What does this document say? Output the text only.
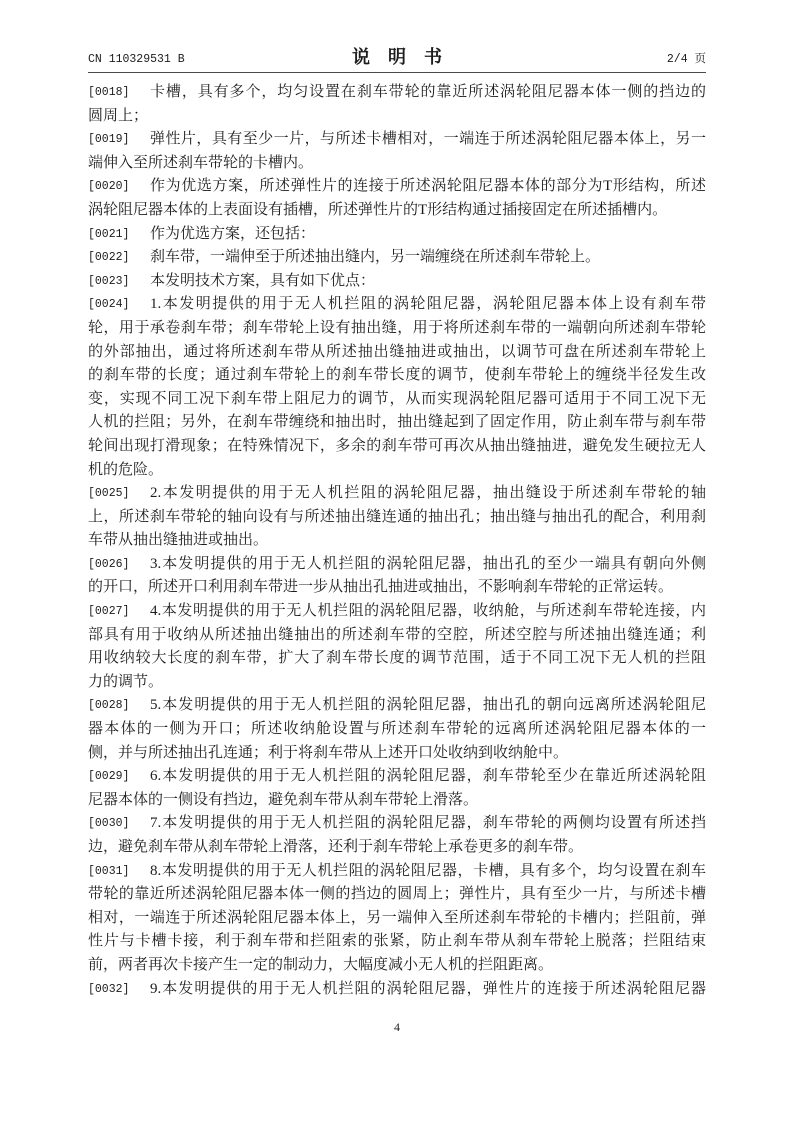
CN 110329531 B	说明书	2/4 页
[0018] 卡槽，具有多个，均匀设置在刹车带轮的靠近所述涡轮阻尼器本体一侧的挡边的
圆周上；
[0019] 弹性片，具有至少一片，与所述卡槽相对，一端连于所述涡轮阻尼器本体上，另一
端伸入至所述刹车带轮的卡槽内。
[0020] 作为优选方案，所述弹性片的连接于所述涡轮阻尼器本体的部分为T形结构，所述
涡轮阻尼器本体的上表面设有插槽，所述弹性片的T形结构通过插接固定在所述插槽内。
[0021] 作为优选方案，还包括：
[0022] 刹车带，一端伸至于所述抽出缝内，另一端缠绕在所述刹车带轮上。
[0023] 本发明技术方案，具有如下优点：
[0024] 1.本发明提供的用于无人机拦阻的涡轮阻尼器，涡轮阻尼器本体上设有刹车带
轮，用于承卷刹车带；刹车带轮上设有抽出缝，用于将所述刹车带的一端朝向所述刹车带轮
的外部抽出，通过将所述刹车带从所述抽出缝抽进或抽出，以调节可盘在所述刹车带轮上
的刹车带的长度；通过刹车带轮上的刹车带长度的调节，使刹车带轮上的缠绕半径发生改
变，实现不同工况下刹车带上阻尼力的调节，从而实现涡轮阻尼器可适用于不同工况下无
人机的拦阻；另外，在刹车带缠绕和抽出时，抽出缝起到了固定作用，防止刹车带与刹车带
轮间出现打滑现象；在特殊情况下，多余的刹车带可再次从抽出缝抽进，避免发生硬拉无人
机的危险。
[0025] 2.本发明提供的用于无人机拦阻的涡轮阻尼器，抽出缝设于所述刹车带轮的轴
上，所述刹车带轮的轴向设有与所述抽出缝连通的抽出孔；抽出缝与抽出孔的配合，利用刹
车带从抽出缝抽进或抽出。
[0026] 3.本发明提供的用于无人机拦阻的涡轮阻尼器，抽出孔的至少一端具有朝向外侧
的开口，所述开口利用刹车带进一步从抽出孔抽进或抽出，不影响刹车带轮的正常运转。
[0027] 4.本发明提供的用于无人机拦阻的涡轮阻尼器，收纳舱，与所述刹车带轮连接，内
部具有用于收纳从所述抽出缝抽出的所述刹车带的空腔，所述空腔与所述抽出缝连通；利
用收纳较大长度的刹车带，扩大了刹车带长度的调节范围，适于不同工况下无人机的拦阻
力的调节。
[0028] 5.本发明提供的用于无人机拦阻的涡轮阻尼器，抽出孔的朝向远离所述涡轮阻尼
器本体的一侧为开口；所述收纳舱设置与所述刹车带轮的远离所述涡轮阻尼器本体的一
侧，并与所述抽出孔连通；利于将刹车带从上述开口处收纳到收纳舱中。
[0029] 6.本发明提供的用于无人机拦阻的涡轮阻尼器，刹车带轮至少在靠近所述涡轮阻
尼器本体的一侧设有挡边，避免刹车带从刹车带轮上滑落。
[0030] 7.本发明提供的用于无人机拦阻的涡轮阻尼器，刹车带轮的两侧均设置有所述挡
边，避免刹车带从刹车带轮上滑落，还利于刹车带轮上承卷更多的刹车带。
[0031] 8.本发明提供的用于无人机拦阻的涡轮阻尼器，卡槽，具有多个，均匀设置在刹车
带轮的靠近所述涡轮阻尼器本体一侧的挡边的圆周上；弹性片，具有至少一片，与所述卡槽
相对，一端连于所述涡轮阻尼器本体上，另一端伸入至所述刹车带轮的卡槽内；拦阻前，弹
性片与卡槽卡接，利于刹车带和拦阻索的张紧，防止刹车带从刹车带轮上脱落；拦阻结束
前，两者再次卡接产生一定的制动力，大幅度减小无人机的拦阻距离。
[0032] 9.本发明提供的用于无人机拦阻的涡轮阻尼器，弹性片的连接于所述涡轮阻尼器
4
